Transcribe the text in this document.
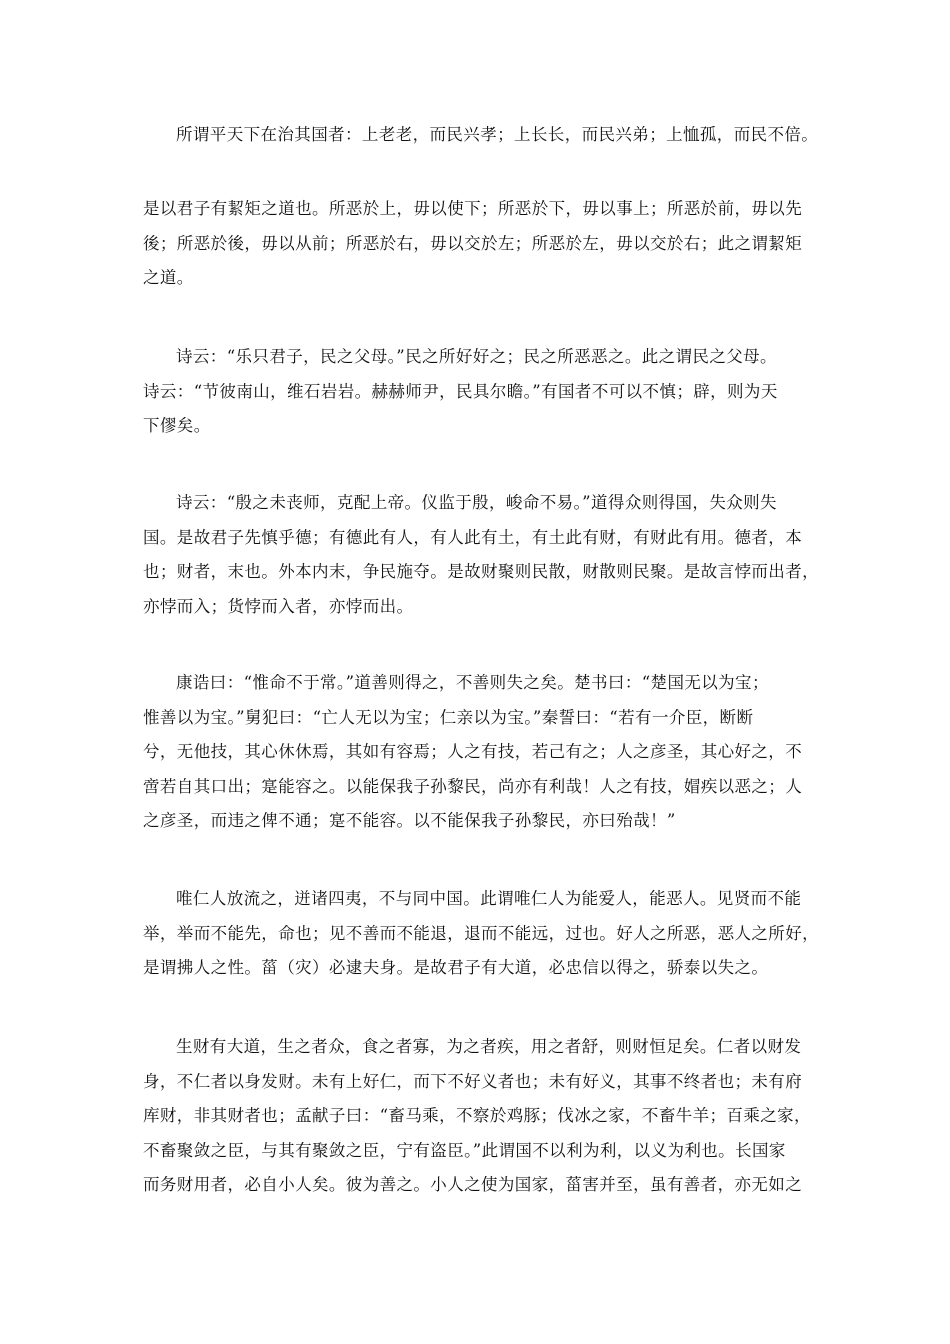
所谓平天下在治其国者：上老老，而民兴孝；上长长，而民兴弟；上恤孤，而民不倍。
是以君子有絜矩之道也。所恶於上，毋以使下；所恶於下，毋以事上；所恶於前，毋以先
後；所恶於後，毋以从前；所恶於右，毋以交於左；所恶於左，毋以交於右；此之谓絜矩
之道。
诗云：“乐只君子，民之父母。”民之所好好之；民之所恶恶之。此之谓民之父母。
诗云：“节彼南山，维石岩岩。赫赫师尹，民具尔瞻。”有国者不可以不慎；辟，则为天
下僇矣。
诗云：“殷之未丧师，克配上帝。仪监于殷，峻命不易。”道得众则得国，失众则失
国。是故君子先慎乎德；有德此有人，有人此有土，有土此有财，有财此有用。德者，本
也；财者，末也。外本内末，争民施夺。是故财聚则民散，财散则民聚。是故言悖而出者，
亦悖而入；货悖而入者，亦悖而出。
康诰曰：“惟命不于常。”道善则得之，不善则失之矣。楚书曰：“楚国无以为宝；
惟善以为宝。”舅犯曰：“亡人无以为宝；仁亲以为宝。”秦誓曰：“若有一介臣，断断
兮，无他技，其心休休焉，其如有容焉；人之有技，若己有之；人之彦圣，其心好之，不
啻若自其口出；寔能容之。以能保我子孙黎民，尚亦有利哉！人之有技，媢疾以恶之；人
之彦圣，而违之俾不通；寔不能容。以不能保我子孙黎民，亦曰殆哉！”
唯仁人放流之，迸诸四夷，不与同中国。此谓唯仁人为能爱人，能恶人。见贤而不能
举，举而不能先，命也；见不善而不能退，退而不能远，过也。好人之所恶，恶人之所好，
是谓拂人之性。菑（灾）必逮夫身。是故君子有大道，必忠信以得之，骄泰以失之。
生财有大道，生之者众，食之者寡，为之者疾，用之者舒，则财恒足矣。仁者以财发
身，不仁者以身发财。未有上好仁，而下不好义者也；未有好义，其事不终者也；未有府
库财，非其财者也；孟献子曰：“畜马乘，不察於鸡豚；伐冰之家，不畜牛羊；百乘之家，
不畜聚敛之臣，与其有聚敛之臣，宁有盗臣。”此谓国不以利为利，以义为利也。长国家
而务财用者，必自小人矣。彼为善之。小人之使为国家，菑害并至，虽有善者，亦无如之
